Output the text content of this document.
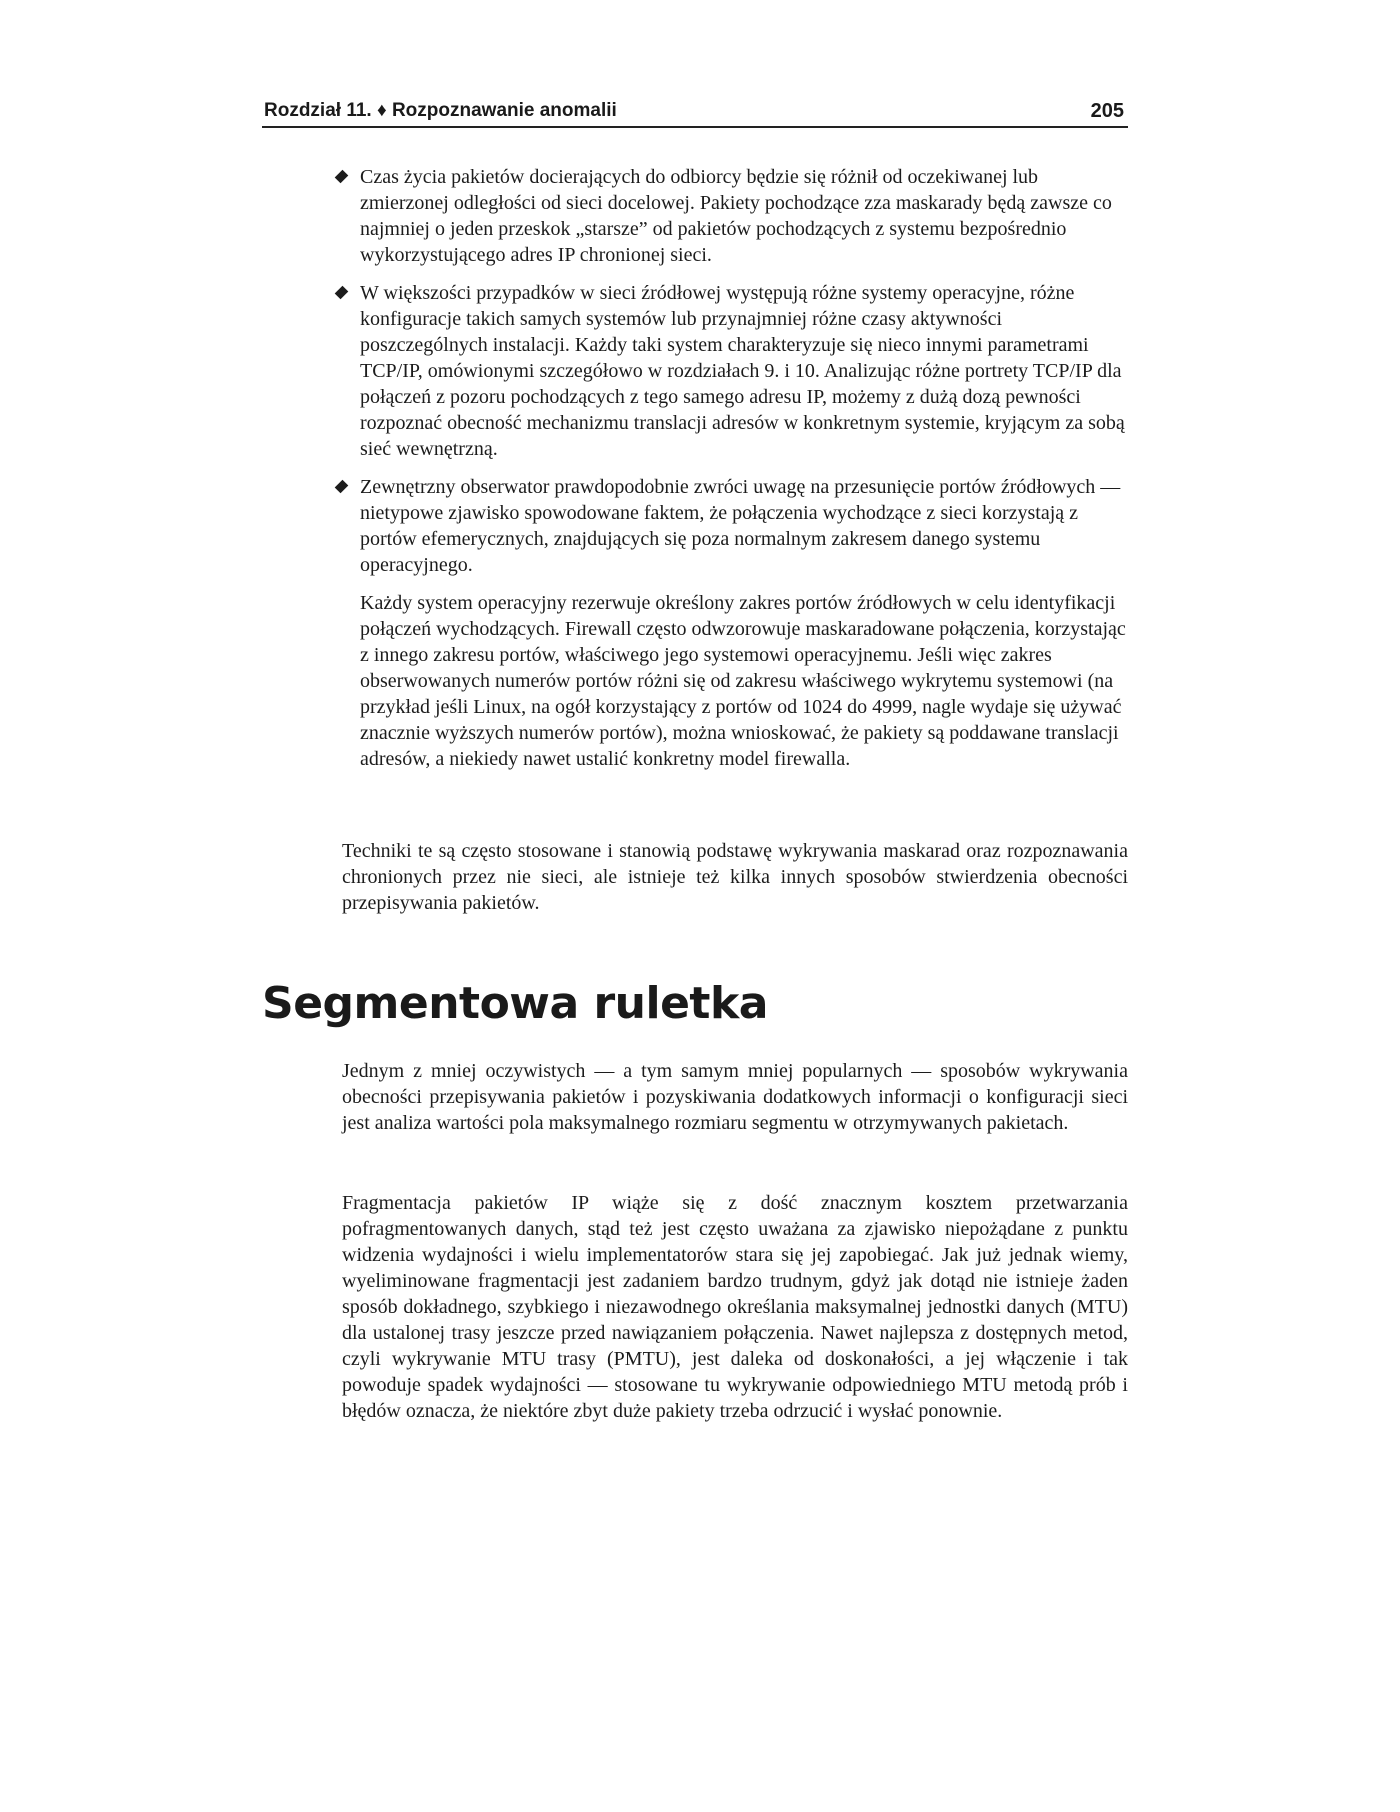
Rozdział 11. ♦ Rozpoznawanie anomalii	205

Czas życia pakietów docierających do odbiorcy będzie się różnił od oczekiwanej lub zmierzonej odległości od sieci docelowej. Pakiety pochodzące zza maskarady będą zawsze co najmniej o jeden przeskok „starsze” od pakietów pochodzących z systemu bezpośrednio wykorzystującego adres IP chronionej sieci.

W większości przypadków w sieci źródłowej występują różne systemy operacyjne, różne konfiguracje takich samych systemów lub przynajmniej różne czasy aktywności poszczególnych instalacji. Każdy taki system charakteryzuje się nieco innymi parametrami TCP/IP, omówionymi szczegółowo w rozdziałach 9. i 10. Analizując różne portrety TCP/IP dla połączeń z pozoru pochodzących z tego samego adresu IP, możemy z dużą dozą pewności rozpoznać obecność mechanizmu translacji adresów w konkretnym systemie, kryjącym za sobą sieć wewnętrzną.

Zewnętrzny obserwator prawdopodobnie zwróci uwagę na przesunięcie portów źródłowych — nietypowe zjawisko spowodowane faktem, że połączenia wychodzące z sieci korzystają z portów efemerycznych, znajdujących się poza normalnym zakresem danego systemu operacyjnego.

Każdy system operacyjny rezerwuje określony zakres portów źródłowych w celu identyfikacji połączeń wychodzących. Firewall często odwzorowuje maskaradowane połączenia, korzystając z innego zakresu portów, właściwego jego systemowi operacyjnemu. Jeśli więc zakres obserwowanych numerów portów różni się od zakresu właściwego wykrytemu systemowi (na przykład jeśli Linux, na ogół korzystający z portów od 1024 do 4999, nagle wydaje się używać znacznie wyższych numerów portów), można wnioskować, że pakiety są poddawane translacji adresów, a niekiedy nawet ustalić konkretny model firewalla.

Techniki te są często stosowane i stanowią podstawę wykrywania maskarad oraz rozpoznawania chronionych przez nie sieci, ale istnieje też kilka innych sposobów stwierdzenia obecności przepisywania pakietów.

Segmentowa ruletka

Jednym z mniej oczywistych — a tym samym mniej popularnych — sposobów wykrywania obecności przepisywania pakietów i pozyskiwania dodatkowych informacji o konfiguracji sieci jest analiza wartości pola maksymalnego rozmiaru segmentu w otrzymywanych pakietach.

Fragmentacja pakietów IP wiąże się z dość znacznym kosztem przetwarzania pofragmentowanych danych, stąd też jest często uważana za zjawisko niepożądane z punktu widzenia wydajności i wielu implementatorów stara się jej zapobiegać. Jak już jednak wiemy, wyeliminowane fragmentacji jest zadaniem bardzo trudnym, gdyż jak dotąd nie istnieje żaden sposób dokładnego, szybkiego i niezawodnego określania maksymalnej jednostki danych (MTU) dla ustalonej trasy jeszcze przed nawiązaniem połączenia. Nawet najlepsza z dostępnych metod, czyli wykrywanie MTU trasy (PMTU), jest daleka od doskonałości, a jej włączenie i tak powoduje spadek wydajności — stosowane tu wykrywanie odpowiedniego MTU metodą prób i błędów oznacza, że niektóre zbyt duże pakiety trzeba odrzucić i wysłać ponownie.
